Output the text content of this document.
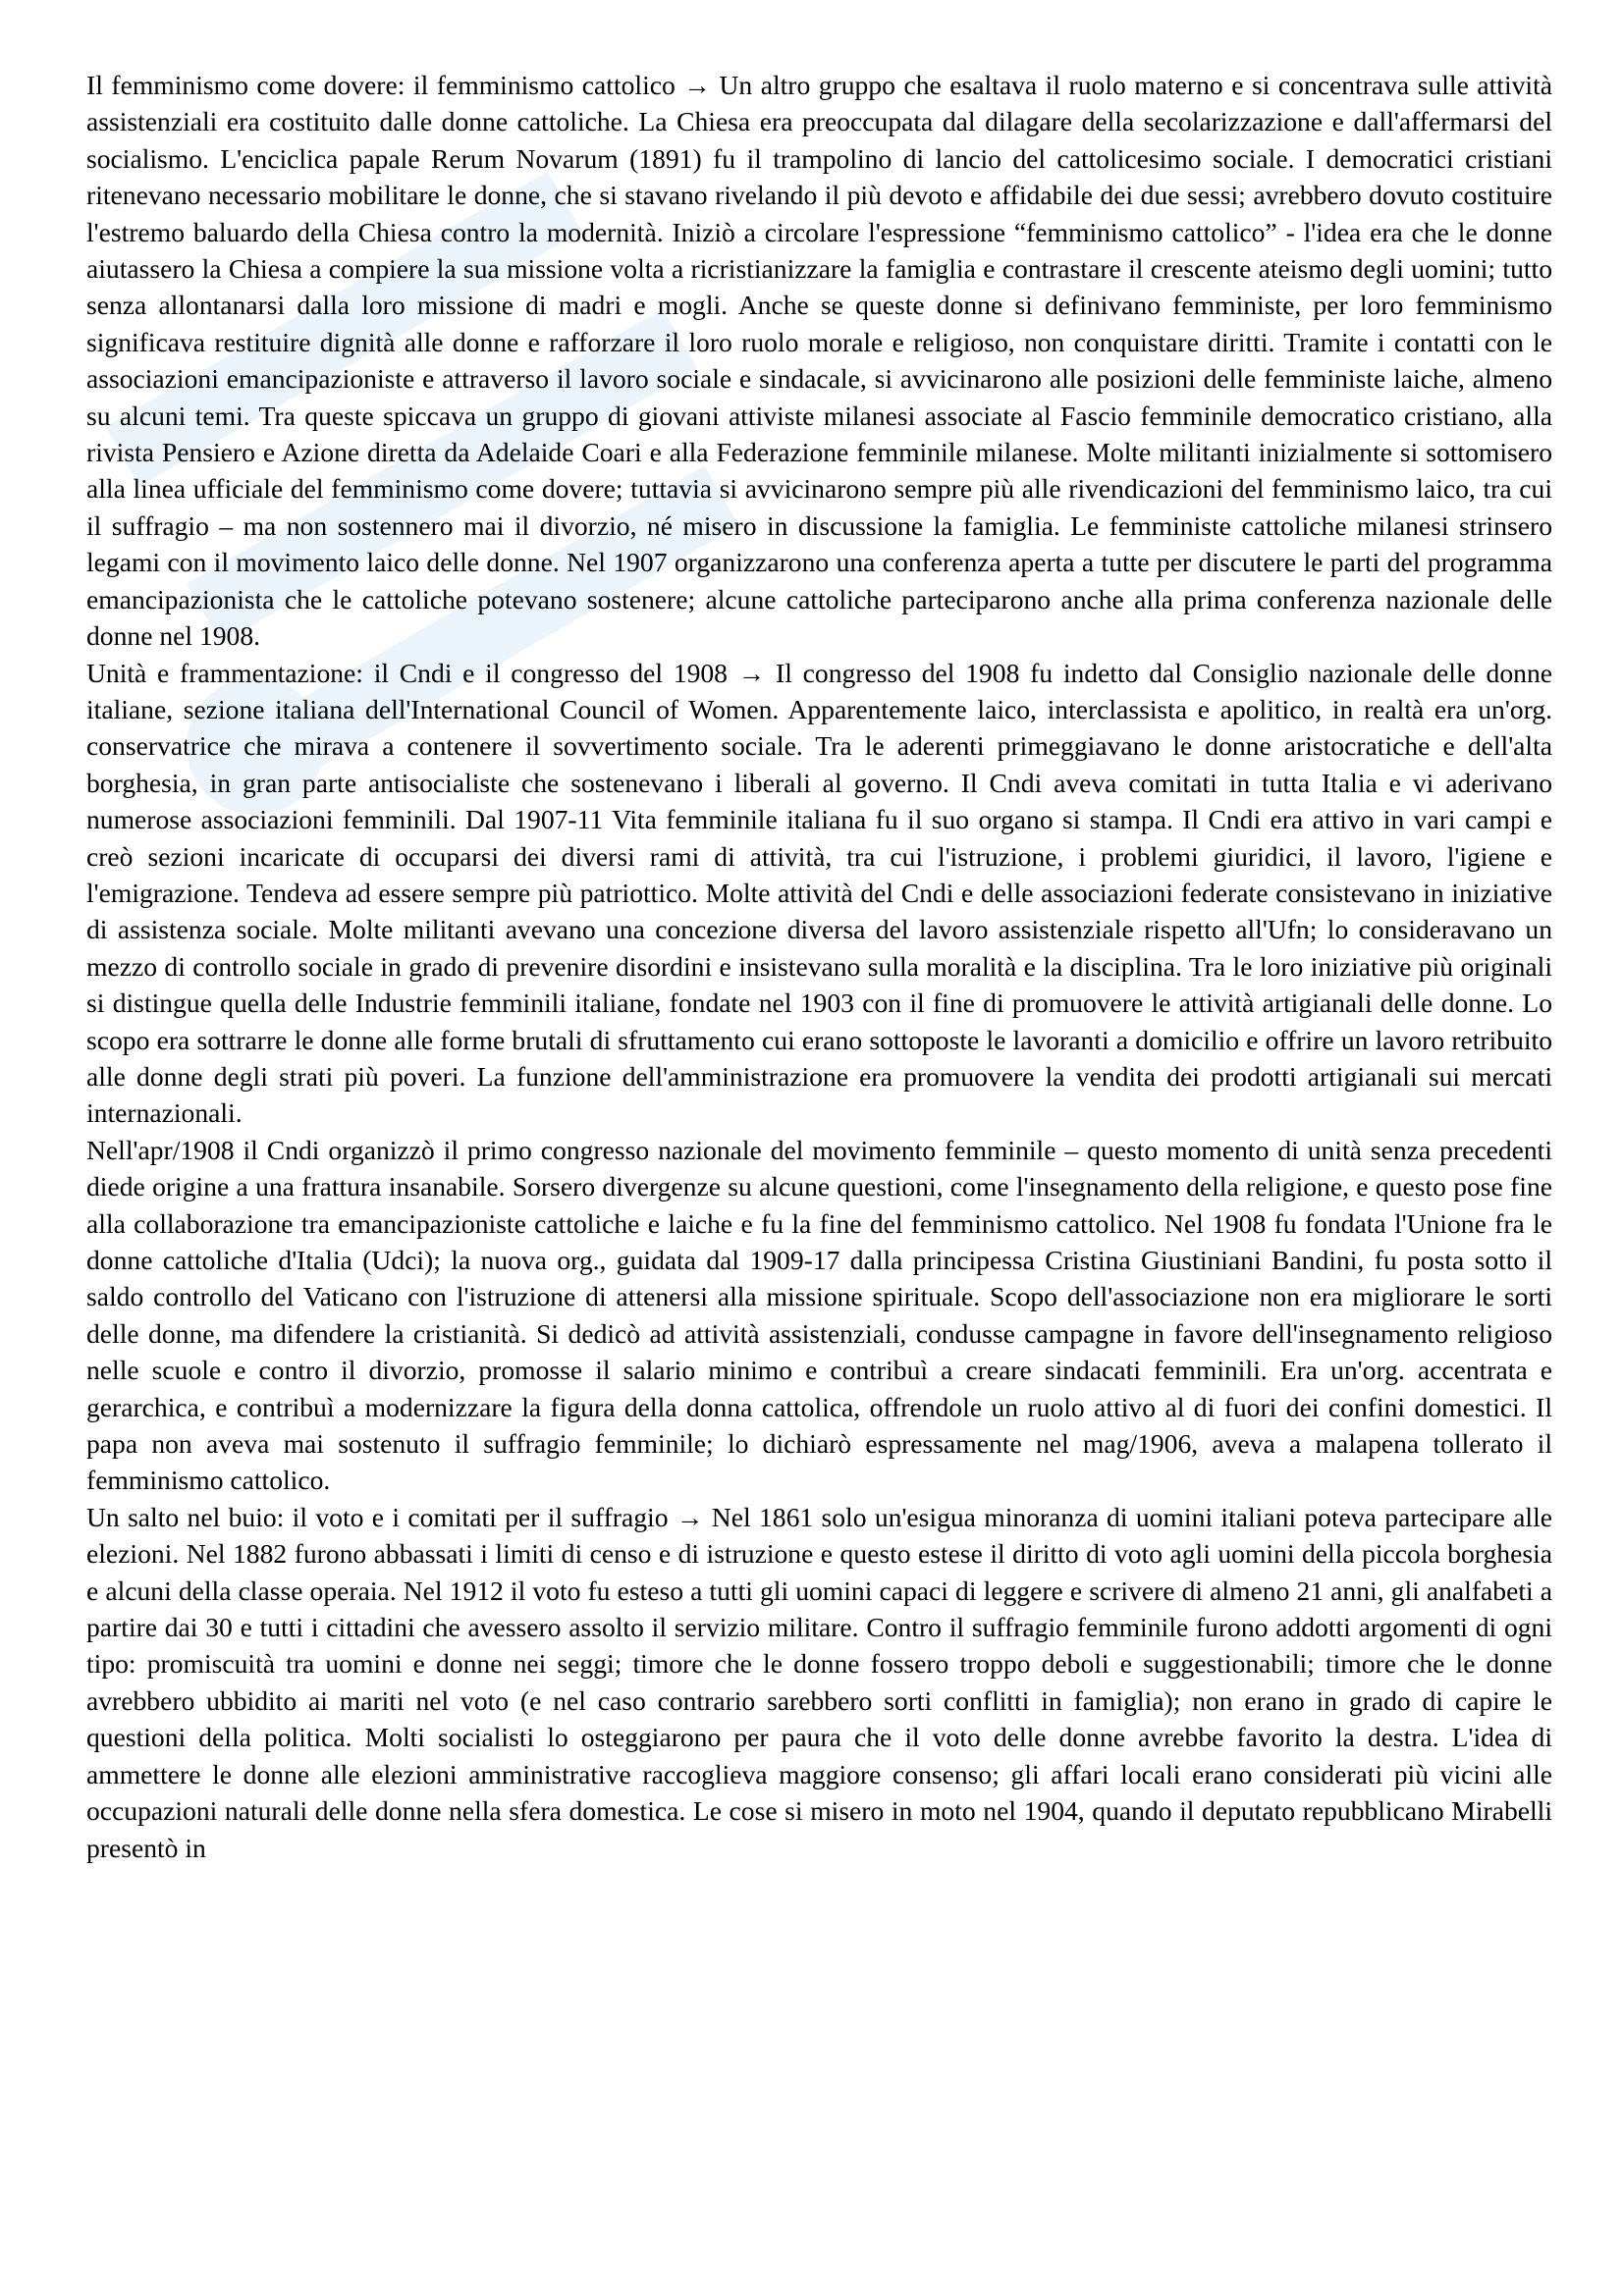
Il femminismo come dovere: il femminismo cattolico → Un altro gruppo che esaltava il ruolo materno e si concentrava sulle attività assistenziali era costituito dalle donne cattoliche. La Chiesa era preoccupata dal dilagare della secolarizzazione e dall'affermarsi del socialismo. L'enciclica papale Rerum Novarum (1891) fu il trampolino di lancio del cattolicesimo sociale. I democratici cristiani ritenevano necessario mobilitare le donne, che si stavano rivelando il più devoto e affidabile dei due sessi; avrebbero dovuto costituire l'estremo baluardo della Chiesa contro la modernità. Iniziò a circolare l'espressione “femminismo cattolico” - l'idea era che le donne aiutassero la Chiesa a compiere la sua missione volta a ricristianizzare la famiglia e contrastare il crescente ateismo degli uomini; tutto senza allontanarsi dalla loro missione di madri e mogli. Anche se queste donne si definivano femministe, per loro femminismo significava restituire dignità alle donne e rafforzare il loro ruolo morale e religioso, non conquistare diritti. Tramite i contatti con le associazioni emancipazioniste e attraverso il lavoro sociale e sindacale, si avvicinarono alle posizioni delle femministe laiche, almeno su alcuni temi. Tra queste spiccava un gruppo di giovani attiviste milanesi associate al Fascio femminile democratico cristiano, alla rivista Pensiero e Azione diretta da Adelaide Coari e alla Federazione femminile milanese. Molte militanti inizialmente si sottomisero alla linea ufficiale del femminismo come dovere; tuttavia si avvicinarono sempre più alle rivendicazioni del femminismo laico, tra cui il suffragio – ma non sostennero mai il divorzio, né misero in discussione la famiglia. Le femministe cattoliche milanesi strinsero legami con il movimento laico delle donne. Nel 1907 organizzarono una conferenza aperta a tutte per discutere le parti del programma emancipazionista che le cattoliche potevano sostenere; alcune cattoliche parteciparono anche alla prima conferenza nazionale delle donne nel 1908.

Unità e frammentazione: il Cndi e il congresso del 1908 → Il congresso del 1908 fu indetto dal Consiglio nazionale delle donne italiane, sezione italiana dell'International Council of Women. Apparentemente laico, interclassista e apolitico, in realtà era un'org. conservatrice che mirava a contenere il sovvertimento sociale. Tra le aderenti primeggiavano le donne aristocratiche e dell'alta borghesia, in gran parte antisocialiste che sostenevano i liberali al governo. Il Cndi aveva comitati in tutta Italia e vi aderivano numerose associazioni femminili. Dal 1907-11 Vita femminile italiana fu il suo organo si stampa. Il Cndi era attivo in vari campi e creò sezioni incaricate di occuparsi dei diversi rami di attività, tra cui l'istruzione, i problemi giuridici, il lavoro, l'igiene e l'emigrazione. Tendeva ad essere sempre più patriottico. Molte attività del Cndi e delle associazioni federate consistevano in iniziative di assistenza sociale. Molte militanti avevano una concezione diversa del lavoro assistenziale rispetto all'Ufn; lo consideravano un mezzo di controllo sociale in grado di prevenire disordini e insistevano sulla moralità e la disciplina. Tra le loro iniziative più originali si distingue quella delle Industrie femminili italiane, fondate nel 1903 con il fine di promuovere le attività artigianali delle donne. Lo scopo era sottrarre le donne alle forme brutali di sfruttamento cui erano sottoposte le lavoranti a domicilio e offrire un lavoro retribuito alle donne degli strati più poveri. La funzione dell'amministrazione era promuovere la vendita dei prodotti artigianali sui mercati internazionali.

Nell'apr/1908 il Cndi organizzò il primo congresso nazionale del movimento femminile – questo momento di unità senza precedenti diede origine a una frattura insanabile. Sorsero divergenze su alcune questioni, come l'insegnamento della religione, e questo pose fine alla collaborazione tra emancipazioniste cattoliche e laiche e fu la fine del femminismo cattolico. Nel 1908 fu fondata l'Unione fra le donne cattoliche d'Italia (Udci); la nuova org., guidata dal 1909-17 dalla principessa Cristina Giustiniani Bandini, fu posta sotto il saldo controllo del Vaticano con l'istruzione di attenersi alla missione spirituale. Scopo dell'associazione non era migliorare le sorti delle donne, ma difendere la cristianità. Si dedicò ad attività assistenziali, condusse campagne in favore dell'insegnamento religioso nelle scuole e contro il divorzio, promosse il salario minimo e contribuì a creare sindacati femminili. Era un'org. accentrata e gerarchica, e contribuì a modernizzare la figura della donna cattolica, offrendole un ruolo attivo al di fuori dei confini domestici. Il papa non aveva mai sostenuto il suffragio femminile; lo dichiarò espressamente nel mag/1906, aveva a malapena tollerato il femminismo cattolico.

Un salto nel buio: il voto e i comitati per il suffragio → Nel 1861 solo un'esigua minoranza di uomini italiani poteva partecipare alle elezioni. Nel 1882 furono abbassati i limiti di censo e di istruzione e questo estese il diritto di voto agli uomini della piccola borghesia e alcuni della classe operaia. Nel 1912 il voto fu esteso a tutti gli uomini capaci di leggere e scrivere di almeno 21 anni, gli analfabeti a partire dai 30 e tutti i cittadini che avessero assolto il servizio militare. Contro il suffragio femminile furono addotti argomenti di ogni tipo: promiscuità tra uomini e donne nei seggi; timore che le donne fossero troppo deboli e suggestionabili; timore che le donne avrebbero ubbidito ai mariti nel voto (e nel caso contrario sarebbero sorti conflitti in famiglia); non erano in grado di capire le questioni della politica. Molti socialisti lo osteggiarono per paura che il voto delle donne avrebbe favorito la destra. L'idea di ammettere le donne alle elezioni amministrative raccoglieva maggiore consenso; gli affari locali erano considerati più vicini alle occupazioni naturali delle donne nella sfera domestica. Le cose si misero in moto nel 1904, quando il deputato repubblicano Mirabelli presentò in
